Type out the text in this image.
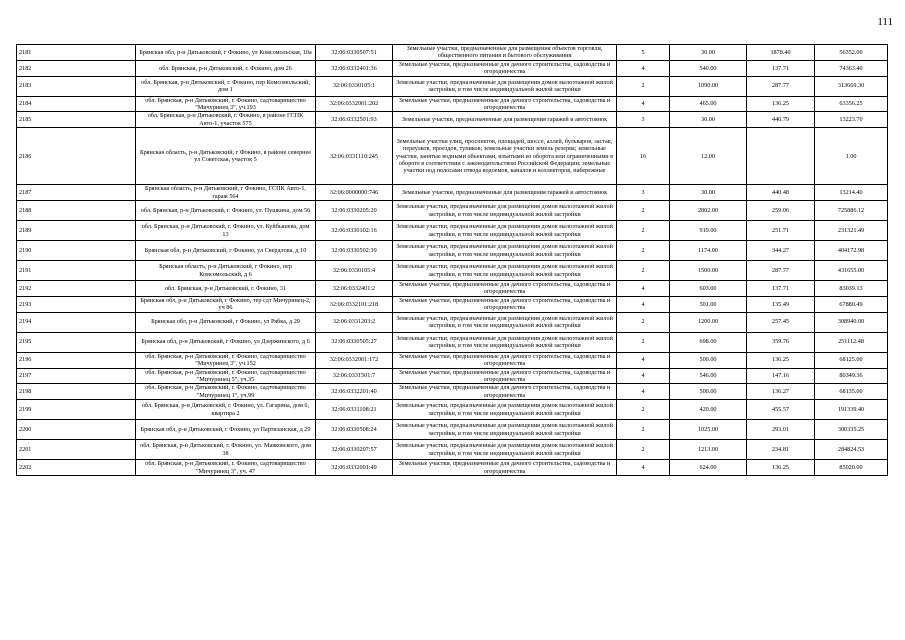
111
2181	Брянская обл, р-н Дятьковский, г Фокино, ул Комсомольская, 10а	32:06:0330507:51	Земельные участки, предназначенные для размещения объектов торговли, общественного питания и бытового обслуживания	5	30.00	1878.40	56352.00
2182	обл. Брянская, р-н Дятьковский, г. Фокино, дом 26	32:06:0332401:36	Земельные участки, предназначенные для дачного строительства, садоводства и огородничества	4	540.00	137.71	74363.40
2183	обл. Брянская, р-н Дятьковский, г. Фокино, пер Комсомольский, дом 1	32:06:0330105:1	Земельные участки, предназначенные для размещения домов малоэтажной жилой застройки, в том числе индивидуальной жилой застройки	2	1090.00	287.77	313669.30
2184	обл. Брянская, р-н Дятьковский, г. Фокино, садтоварищество "Мичуринец 3", уч.193	32:06:0332001:202	Земельные участки, предназначенные для дачного строительства, садоводства и огородничества	4	465.00	136.25	63356.25
2185	обл. Брянская, р-н Дятьковский, г. Фокино, в районе ГСПК Авто-1, участок 575	32:06:0332501:93	Земельные участки, предназначенные для размещения гаражей и автостоянок	3	30.00	440.79	13223.70
2186	Брянская область, р-н Дятьковский, г Фокино, в районе севернее ул Советская, участок 5	32:06:0331110:245	Земельные участки улиц, проспектов, площадей, шоссе, аллей, бульваров, застав, переулков, проездов, тупиков; земельные участки земель резерва; земельные участки, занятые водными объектами, изъятыми из оборота или ограниченными в обороте в соответствии с законодательством Российской Федерации; земельные участки под полосами отвода водоемов, каналов и коллекторов, набережные	16	12.00		1.00
2187	Брянская область, р-н Дятьковский, г Фокино, ГСПК Авто-1, гараж 564	32:06:0000000:746	Земельные участки, предназначенные для размещения гаражей и автостоянок	3	30.00	440.48	13214.40
2188	обл. Брянская, р-н Дятьковский, г. Фокино, ул. Пушкина, дом 56	32:06:0330205:20	Земельные участки, предназначенные для размещения домов малоэтажной жилой застройки, в том числе индивидуальной жилой застройки	2	2802.00	259.06	725886.12
2189	обл. Брянская, р-н Дятьковский, г. Фокино, ул. Куйбышева, дом 13	32:06:0330102:16	Земельные участки, предназначенные для размещения домов малоэтажной жилой застройки, в том числе индивидуальной жилой застройки	2	919.00	251.71	231321.49
2190	Брянская обл, р-н Дятьковский, г Фокино, ул Свердлова, д 10	32:06:0330502:39	Земельные участки, предназначенные для размещения домов малоэтажной жилой застройки, в том числе индивидуальной жилой застройки	2	1174.00	344.27	404172.98
2191	Брянская область, р-н Дятьковский, г Фокино, пер Комсомольский, д 6	32:06:0330105:4	Земельные участки, предназначенные для размещения домов малоэтажной жилой застройки, в том числе индивидуальной жилой застройки	2	1500.00	287.77	431655.00
2192	обл. Брянская, р-н Дятьковский, г. Фокино, 31	32:06:0332401:2	Земельные участки, предназначенные для дачного строительства, садоводства и огородничества	4	603.00	137.71	83039.13
2193	Брянская обл, р-н Дятьковский, г Фокино, тер сдт Мичуринец-2, уч 86	32:06:0332101:218	Земельные участки, предназначенные для дачного строительства, садоводства и огородничества	4	501.00	135.49	67880.49
2194	Брянская обл, р-н Дятьковский, г Фокино, ул Рябка, д 29	32:06:0331203:2	Земельные участки, предназначенные для размещения домов малоэтажной жилой застройки, в том числе индивидуальной жилой застройки	2	1200.00	257.45	308940.00
2195	Брянская обл, р-н Дятьковский, г Фокино, ул Дзержинского, д 6	32:06:0330505:27	Земельные участки, предназначенные для размещения домов малоэтажной жилой застройки, в том числе индивидуальной жилой застройки	2	698.00	359.76	251112.48
2196	обл. Брянская, р-н Дятьковский, г. Фокино, садтоварищество "Мичуринец 3", уч.152	32:06:0332001:172	Земельные участки, предназначенные для дачного строительства, садоводства и огородничества	4	500.00	136.25	68125.00
2197	обл. Брянская, р-н Дятьковский, г. Фокино, садтоварищество "Мичуринец 5", уч.35	32:06:0331501:7	Земельные участки, предназначенные для дачного строительства, садоводства и огородничества	4	546.00	147.16	80349.36
2198	обл. Брянская, р-н Дятьковский, г. Фокино, садтоварищество "Мичуринец 1", уч.99	32:06:0332201:40	Земельные участки, предназначенные для дачного строительства, садоводства и огородничества	4	500.00	136.27	68135.00
2199	обл. Брянская, р-н Дятьковский, г. Фокино, ул. Гагарина, дом 6, квартира 2	32:06:0331108:21	Земельные участки, предназначенные для размещения домов малоэтажной жилой застройки, в том числе индивидуальной жилой застройки	2	420.00	455.57	191339.40
2200	Брянская обл, р-н Дятьковский, г Фокино, ул Партизанская, д 29	32:06:0330508:24	Земельные участки, предназначенные для размещения домов малоэтажной жилой застройки, в том числе индивидуальной жилой застройки	2	1025.00	293.01	300335.25
2201	обл. Брянская, р-н Дятьковский, г. Фокино, ул. Маяковского, дом 38	32:06:0330207:57	Земельные участки, предназначенные для размещения домов малоэтажной жилой застройки, в том числе индивидуальной жилой застройки	2	1213.00	234.81	284824.53
2202	обл. Брянская, р-н Дятьковский, г. Фокино, садтоварищество "Мичуринец 3", уч. 47	32:06:0332001:49	Земельные участки, предназначенные для дачного строительства, садоводства и огородничества	4	624.00	136.25	85020.00
